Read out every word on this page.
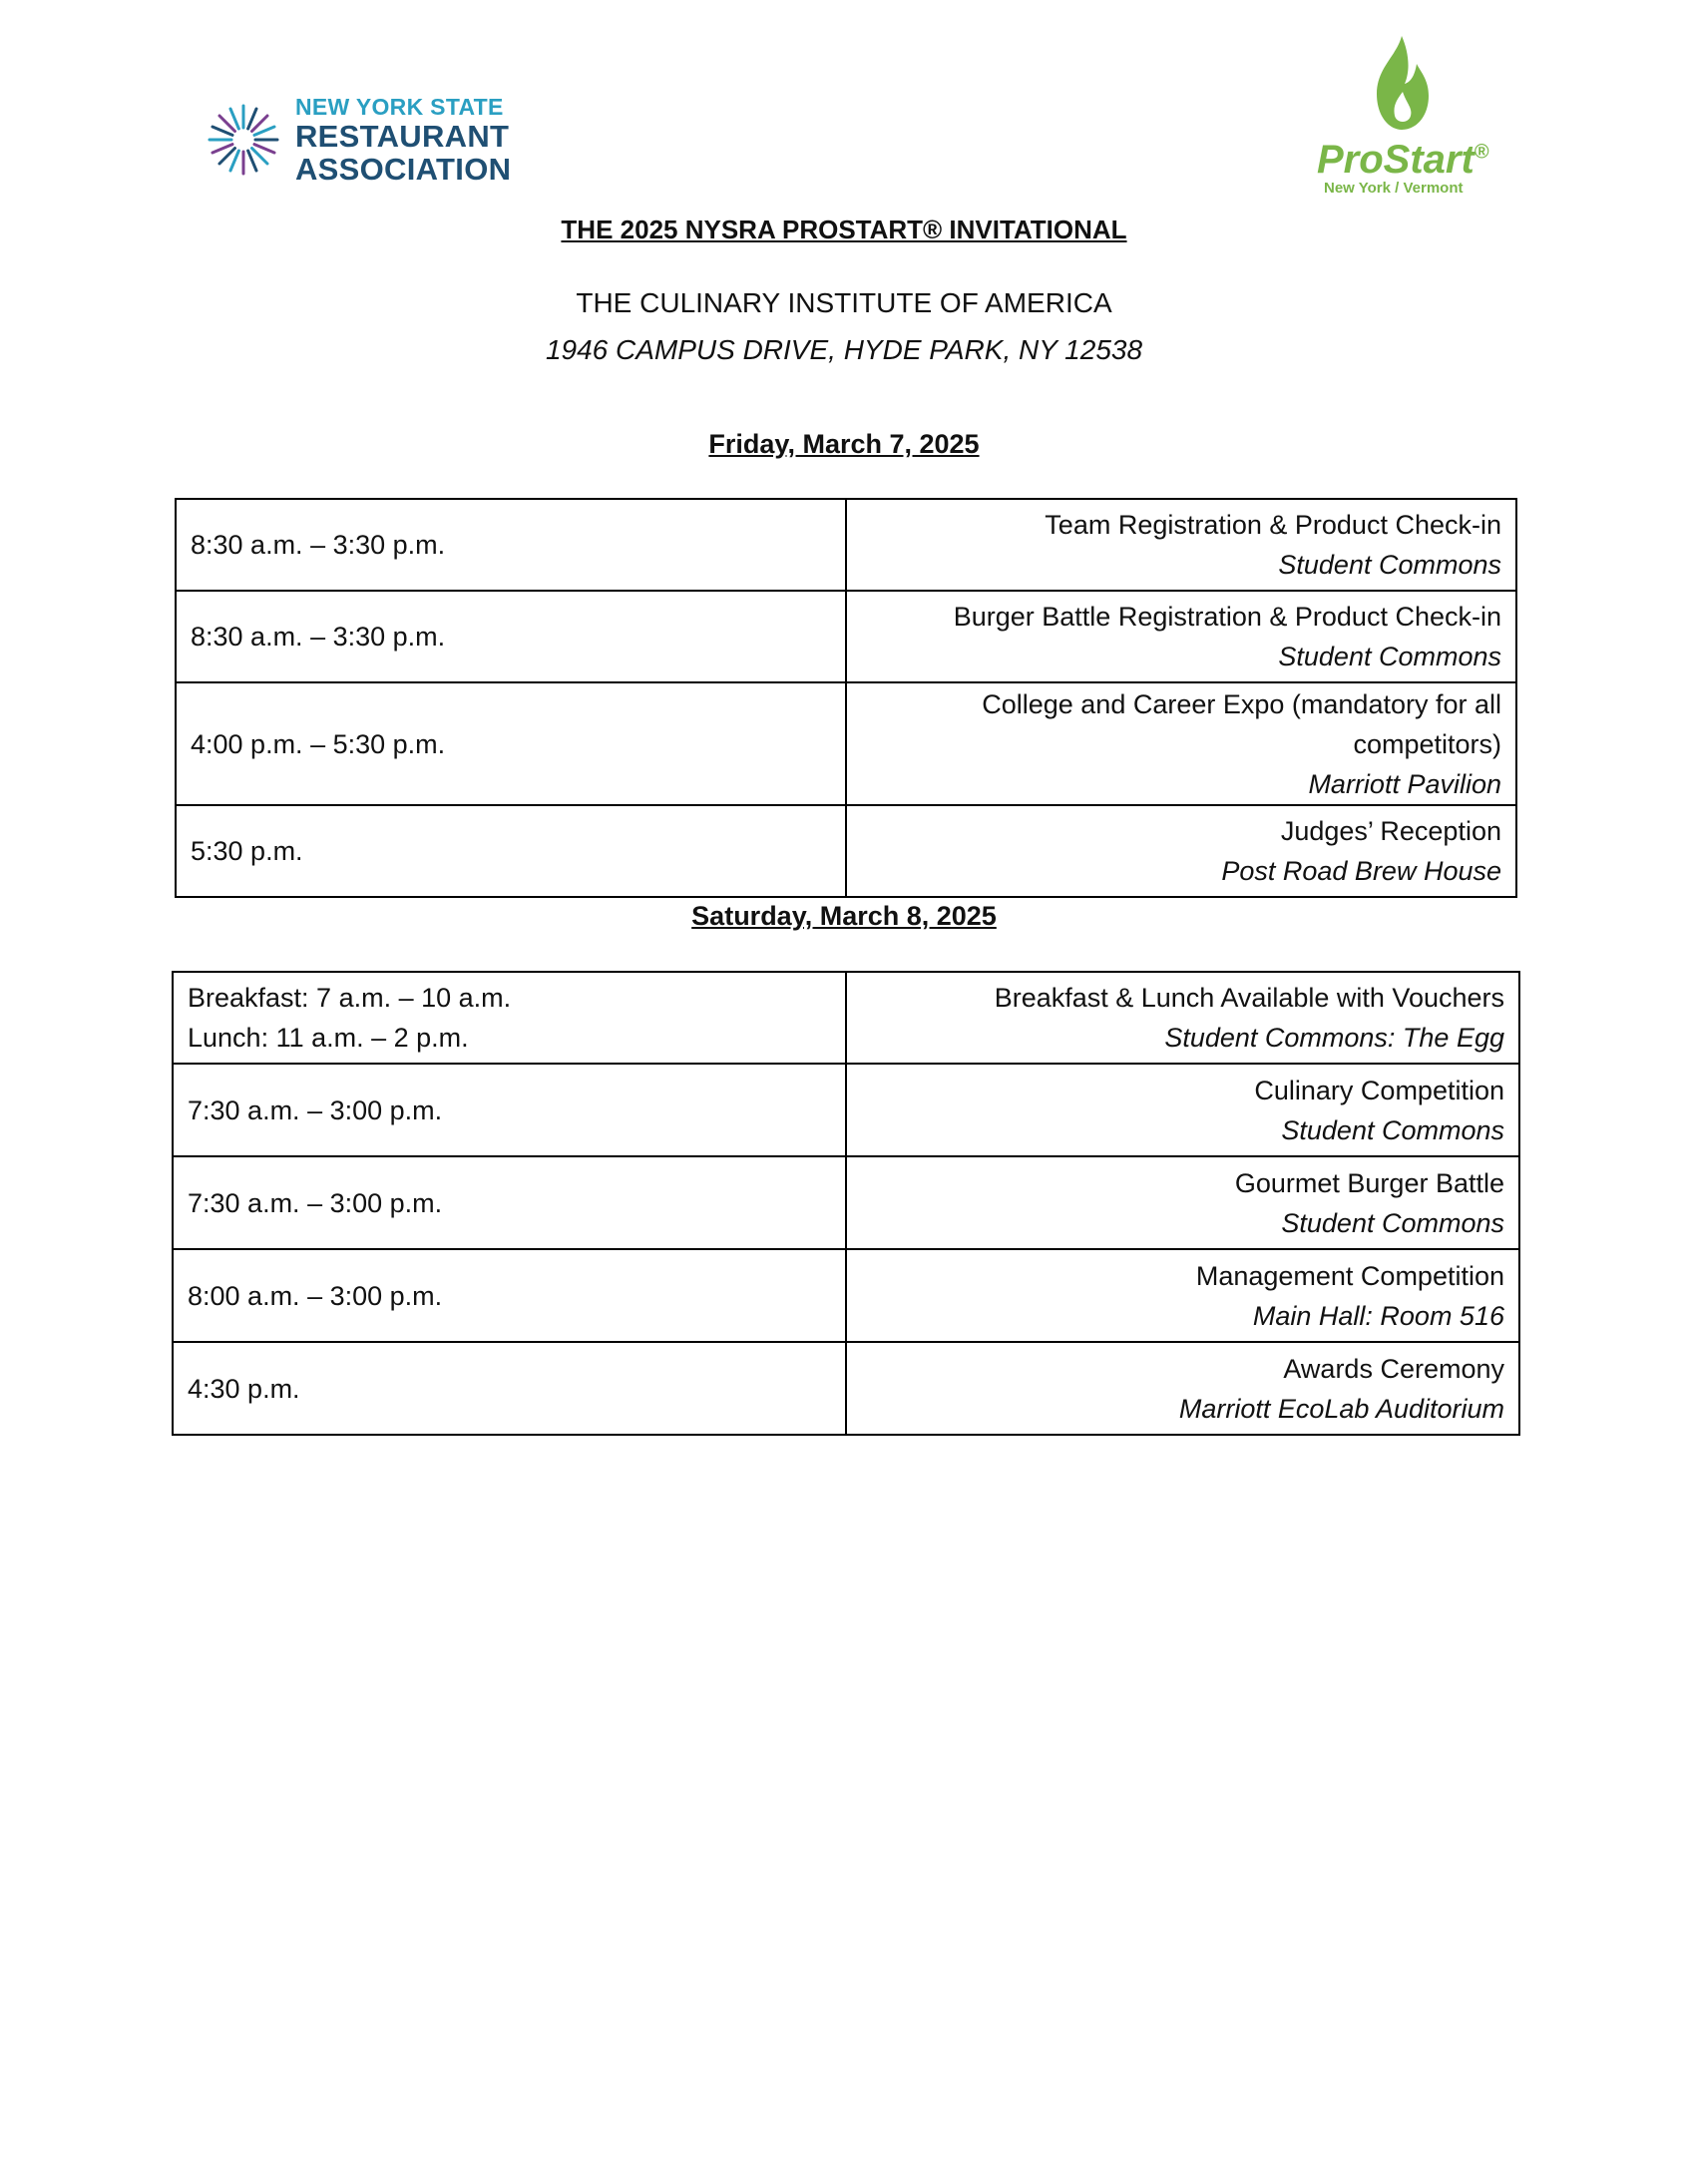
NEW YORK STATE
RESTAURANT
ASSOCIATION	ProStart®
New York / Vermont
THE 2025 NYSRA PROSTART® INVITATIONAL
THE CULINARY INSTITUTE OF AMERICA
1946 CAMPUS DRIVE, HYDE PARK, NY 12538
Friday, March 7, 2025
8:30 a.m. – 3:30 p.m.	Team Registration & Product Check-in
Student Commons

8:30 a.m. – 3:30 p.m.	Burger Battle Registration & Product Check-in
Student Commons

4:00 p.m. – 5:30 p.m.	College and Career Expo (mandatory for all competitors)
Marriott Pavilion

5:30 p.m.	Judges’ Reception
Post Road Brew House
Saturday, March 8, 2025
Breakfast: 7 a.m. – 10 a.m.
Lunch: 11 a.m. – 2 p.m.	Breakfast & Lunch Available with Vouchers
Student Commons: The Egg

7:30 a.m. – 3:00 p.m.	Culinary Competition
Student Commons

7:30 a.m. – 3:00 p.m.	Gourmet Burger Battle
Student Commons

8:00 a.m. – 3:00 p.m.	Management Competition
Main Hall: Room 516

4:30 p.m.	Awards Ceremony
Marriott EcoLab Auditorium
